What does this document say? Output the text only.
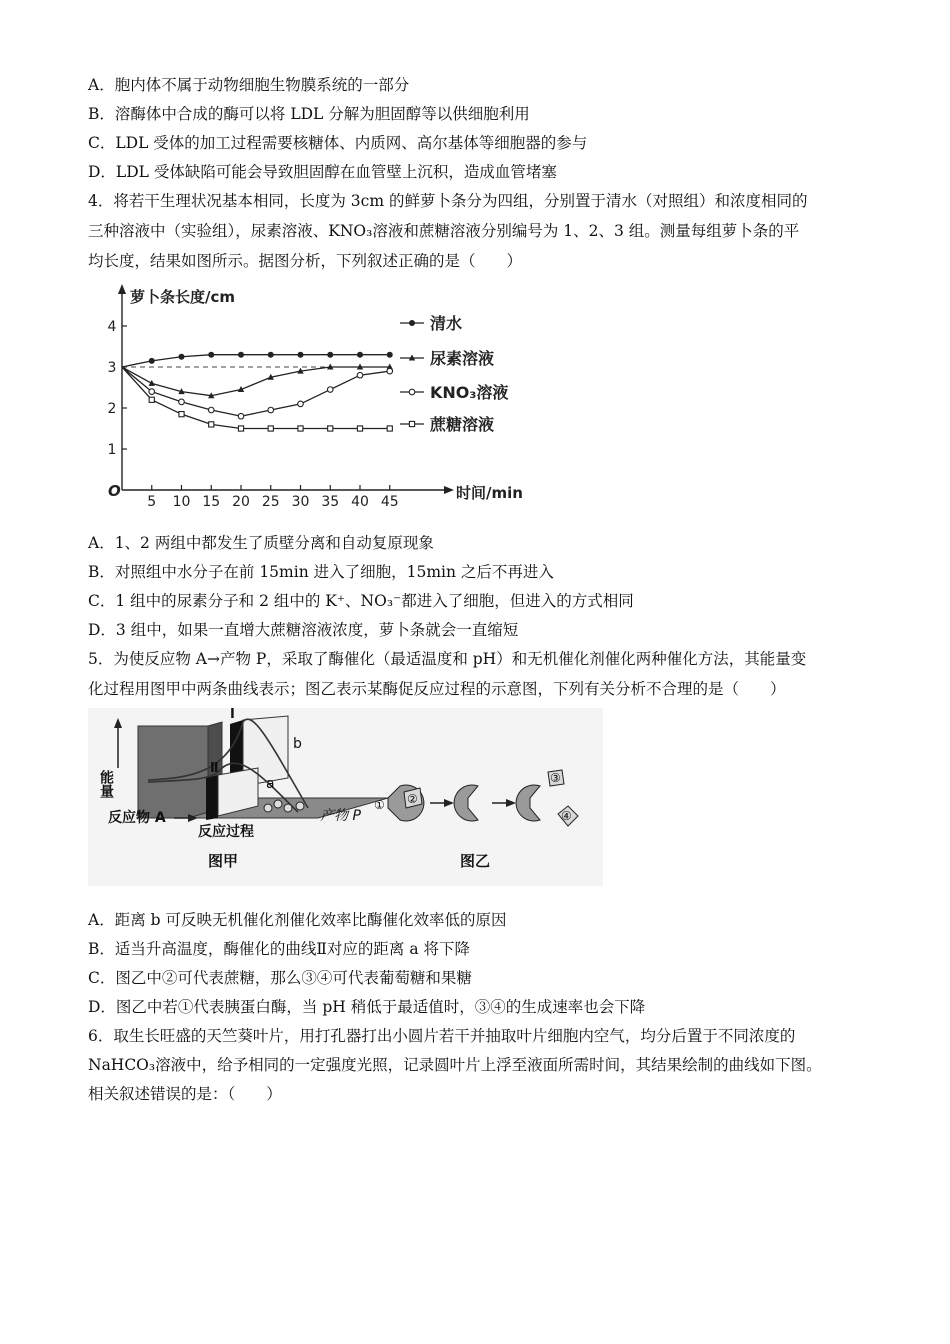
A．胞内体不属于动物细胞生物膜系统的一部分
B．溶酶体中合成的酶可以将 LDL 分解为胆固醇等以供细胞利用
C．LDL 受体的加工过程需要核糖体、内质网、高尔基体等细胞器的参与
D．LDL 受体缺陷可能会导致胆固醇在血管壁上沉积，造成血管堵塞
4．将若干生理状况基本相同，长度为 3cm 的鲜萝卜条分为四组，分别置于清水（对照组）和浓度相同的
三种溶液中（实验组），尿素溶液、KNO₃溶液和蔗糖溶液分别编号为 1、2、3 组。测量每组萝卜条的平
均长度，结果如图所示。据图分析，下列叙述正确的是（　　）
萝卜条长度/cm
时间/min
O
1
2
3
4
5 10 15 20 25 30 35 40 45
清水
尿素溶液
KNO₃溶液
蔗糖溶液
A．1、2 两组中都发生了质壁分离和自动复原现象
B．对照组中水分子在前 15min 进入了细胞，15min 之后不再进入
C．1 组中的尿素分子和 2 组中的 K⁺、NO₃⁻都进入了细胞，但进入的方式相同
D．3 组中，如果一直增大蔗糖溶液浓度，萝卜条就会一直缩短
5．为使反应物 A→产物 P，采取了酶催化（最适温度和 pH）和无机催化剂催化两种催化方法，其能量变
化过程用图甲中两条曲线表示；图乙表示某酶促反应过程的示意图，下列有关分析不合理的是（　　）
能量
Ⅰ
Ⅱ
b
a
反应物 A	产物 P
反应过程
图甲
① ②
③
④
图乙
A．距离 b 可反映无机催化剂催化效率比酶催化效率低的原因
B．适当升高温度，酶催化的曲线Ⅱ对应的距离 a 将下降
C．图乙中②可代表蔗糖，那么③④可代表葡萄糖和果糖
D．图乙中若①代表胰蛋白酶，当 pH 稍低于最适值时，③④的生成速率也会下降
6．取生长旺盛的天竺葵叶片，用打孔器打出小圆片若干并抽取叶片细胞内空气，均分后置于不同浓度的
NaHCO₃溶液中，给予相同的一定强度光照，记录圆叶片上浮至液面所需时间，其结果绘制的曲线如下图。
相关叙述错误的是：（　　）
